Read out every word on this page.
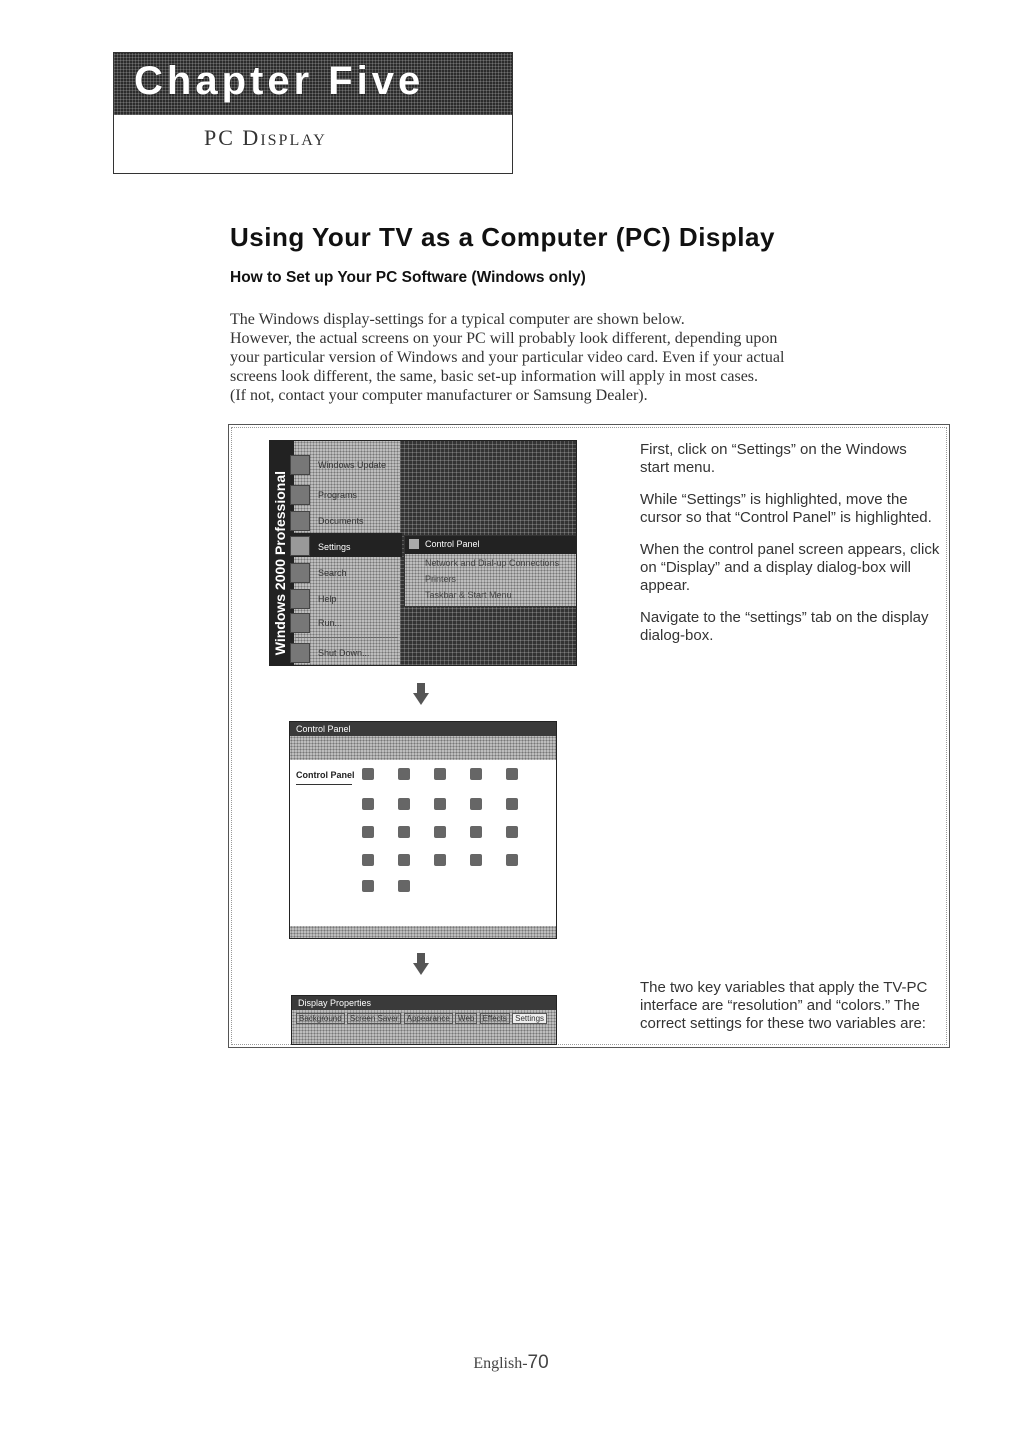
Chapter Five
PC DISPLAY
Using Your TV as a Computer (PC) Display
How to Set up Your PC Software (Windows only)

The Windows display-settings for a typical computer are shown below.

However, the actual screens on your PC will probably look different, depending upon

your particular version of Windows and your particular video card. Even if your actual

screens look different, the same, basic set-up information will apply in most cases.

(If not, contact your computer manufacturer or Samsung Dealer).

Windows 2000 Professional
Windows Update
Programs
Documents
Settings
Search
Help
Run...
Shut Down...
Control Panel
Network and Dial-up Connections
Printers
Taskbar & Start Menu
Control Panel
Control Panel
Display Properties
Background Screen Saver Appearance Web Effects Settings

First, click on “Settings” on the Windows start menu.

While “Settings” is highlighted, move the cursor so that “Control Panel” is highlighted.

When the control panel screen appears, click on “Display” and a display dialog-box will appear.

Navigate to the “settings” tab on the display dialog-box.

The two key variables that apply the TV-PC interface are “resolution” and “colors.” The correct settings for these two variables are:

English-70
